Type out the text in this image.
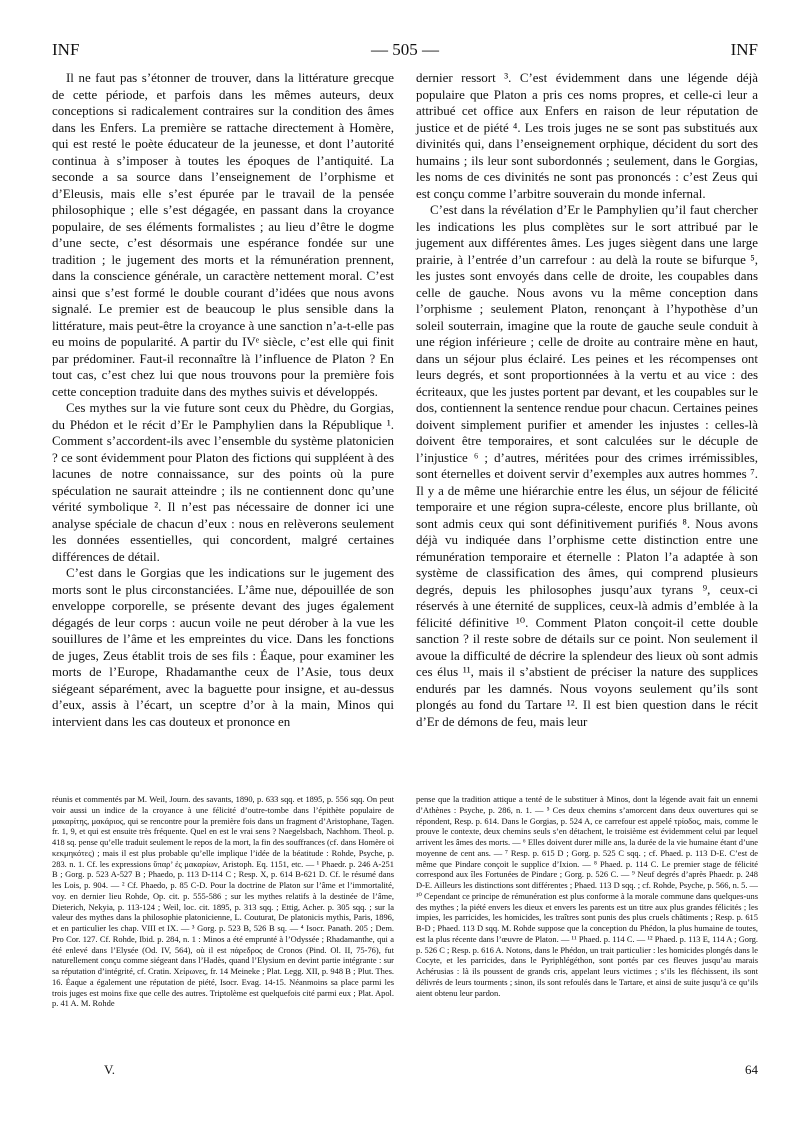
INF	— 505 —	INF

Il ne faut pas s’étonner de trouver, dans la littérature grecque de cette période, et parfois dans les mêmes auteurs, deux conceptions si radicalement contraires sur la condition des âmes dans les Enfers. La première se rattache directement à Homère, qui est resté le poète éducateur de la jeunesse, et dont l’autorité continua à s’imposer à toutes les époques de l’antiquité. La seconde a sa source dans l’enseignement de l’orphisme et d’Eleusis, mais elle s’est épurée par le travail de la pensée philosophique ; elle s’est dégagée, en passant dans la croyance populaire, de ses éléments formalistes ; au lieu d’être le dogme d’une secte, c’est désormais une espérance fondée sur une tradition ; le jugement des morts et la rémunération prennent, dans la conscience générale, un caractère nettement moral. C’est ainsi que s’est formé le double courant d’idées que nous avons signalé. Le premier est de beaucoup le plus sensible dans la littérature, mais peut-être la croyance à une sanction n’a-t-elle pas eu moins de popularité. A partir du IVᵉ siècle, c’est elle qui finit par prédominer. Faut-il reconnaître là l’influence de Platon ? En tout cas, c’est chez lui que nous trouvons pour la première fois cette conception traduite dans des mythes suivis et développés.

Ces mythes sur la vie future sont ceux du Phèdre, du Gorgias, du Phédon et le récit d’Er le Pamphylien dans la République ¹. Comment s’accordent-ils avec l’ensemble du système platonicien ? ce sont évidemment pour Platon des fictions qui suppléent à des lacunes de notre connaissance, sur des points où la pure spéculation ne saurait atteindre ; ils ne contiennent donc qu’une vérité symbolique ². Il n’est pas nécessaire de donner ici une analyse spéciale de chacun d’eux : nous en relèverons seulement les données essentielles, qui concordent, malgré certaines différences de détail.

C’est dans le Gorgias que les indications sur le jugement des morts sont le plus circonstanciées. L’âme nue, dépouillée de son enveloppe corporelle, se présente devant des juges également dégagés de leur corps : aucun voile ne peut dérober à la vue les souillures de l’âme et les empreintes du vice. Dans les fonctions de juges, Zeus établit trois de ses fils : Éaque, pour examiner les morts de l’Europe, Rhadamanthe ceux de l’Asie, tous deux siégeant séparément, avec la baguette pour insigne, et au-dessus d’eux, assis à l’écart, un sceptre d’or à la main, Minos qui intervient dans les cas douteux et prononce en

dernier ressort ³. C’est évidemment dans une légende déjà populaire que Platon a pris ces noms propres, et celle-ci leur a attribué cet office aux Enfers en raison de leur réputation de justice et de piété ⁴. Les trois juges ne se sont pas substitués aux divinités qui, dans l’enseignement orphique, décident du sort des humains ; ils leur sont subordonnés ; seulement, dans le Gorgias, les noms de ces divinités ne sont pas prononcés : c’est Zeus qui est conçu comme l’arbitre souverain du monde infernal.

C’est dans la révélation d’Er le Pamphylien qu’il faut chercher les indications les plus complètes sur le sort attribué par le jugement aux différentes âmes. Les juges siègent dans une large prairie, à l’entrée d’un carrefour : au delà la route se bifurque ⁵, les justes sont envoyés dans celle de droite, les coupables dans celle de gauche. Nous avons vu la même conception dans l’orphisme ; seulement Platon, renonçant à l’hypothèse d’un soleil souterrain, imagine que la route de gauche seule conduit à une région inférieure ; celle de droite au contraire mène en haut, dans un séjour plus éclairé. Les peines et les récompenses ont leurs degrés, et sont proportionnées à la vertu et au vice : des écriteaux, que les justes portent par devant, et les coupables sur le dos, contiennent la sentence rendue pour chacun. Certaines peines doivent simplement purifier et amender les injustes : celles-là doivent être temporaires, et sont calculées sur le décuple de l’injustice ⁶ ; d’autres, méritées pour des crimes irrémissibles, sont éternelles et doivent servir d’exemples aux autres hommes ⁷. Il y a de même une hiérarchie entre les élus, un séjour de félicité temporaire et une région supra-céleste, encore plus brillante, où sont admis ceux qui sont définitivement purifiés ⁸. Nous avons déjà vu indiquée dans l’orphisme cette distinction entre une rémunération temporaire et éternelle : Platon l’a adaptée à son système de classification des âmes, qui comprend plusieurs degrés, depuis les philosophes jusqu’aux tyrans ⁹, ceux-ci réservés à une éternité de supplices, ceux-là admis d’emblée à la félicité définitive ¹⁰. Comment Platon conçoit-il cette double sanction ? il reste sobre de détails sur ce point. Non seulement il avoue la difficulté de décrire la splendeur des lieux où sont admis ces élus ¹¹, mais il s’abstient de préciser la nature des supplices endurés par les damnés. Nous voyons seulement qu’ils sont plongés au fond du Tartare ¹². Il est bien question dans le récit d’Er de démons de feu, mais leur

réunis et commentés par M. Weil, Journ. des savants, 1890, p. 633 sqq. et 1895, p. 556 sqq. On peut voir aussi un indice de la croyance à une félicité d’outre-tombe dans l’épithète populaire de μακαρίτης, μακάριος, qui se rencontre pour la première fois dans un fragment d’Aristophane, Tagen. fr. 1, 9, et qui est ensuite très fréquente. Quel en est le vrai sens ? Naegelsbach, Nachhom. Theol. p. 418 sq. pense qu’elle traduit seulement le repos de la mort, la fin des souffrances (cf. dans Homère οἱ κεκμηκότες) ; mais il est plus probable qu’elle implique l’idée de la béatitude : Rohde, Psyche, p. 283. n. 1. Cf. les expressions ὕπαρ’ ἐς μακαρίων, Aristoph. Eq. 1151, etc. — ¹ Phaedr. p. 246 A-251 B ; Gorg. p. 523 A-527 B ; Phaedo, p. 113 D-114 C ; Resp. X, p. 614 B-621 D. Cf. le résumé dans les Lois, p. 904. — ² Cf. Phaedo, p. 85 C-D. Pour la doctrine de Platon sur l’âme et l’immortalité, voy. en dernier lieu Rohde, Op. cit. p. 555-586 ; sur les mythes relatifs à la destinée de l’âme, Dieterich, Nekyia, p. 113-124 ; Weil, loc. cit. 1895, p. 313 sqq. ; Ettig, Acher. p. 305 sqq. ; sur la valeur des mythes dans la philosophie platonicienne, L. Couturat, De platonicis mythis, Paris, 1896, et en particulier les chap. VIII et IX. — ³ Gorg. p. 523 B, 526 B sq. — ⁴ Isocr. Panath. 205 ; Dem. Pro Cor. 127. Cf. Rohde, Ibid. p. 284, n. 1 : Minos a été emprunté à l’Odyssée ; Rhadamanthe, qui a été enlevé dans l’Elysée (Od. IV, 564), où il est πάρεδρος de Cronos (Pind. Ol. II, 75-76), fut naturellement conçu comme siégeant dans l’Hadès, quand l’Elysium en devint partie intégrante : sur sa réputation d’intégrité, cf. Cratin. Χείρωνες, fr. 14 Meineke ; Plat. Legg. XII, p. 948 B ; Plut. Thes. 16. Éaque a également une réputation de piété, Isocr. Evag. 14-15. Néanmoins sa place parmi les trois juges est moins fixe que celle des autres. Triptolème est quelquefois cité parmi eux ; Plat. Apol. p. 41 A. M. Rohde

pense que la tradition attique a tenté de le substituer à Minos, dont la légende avait fait un ennemi d’Athènes : Psyche, p. 286, n. 1. — ⁵ Ces deux chemins s’amorcent dans deux ouvertures qui se répondent, Resp. p. 614. Dans le Gorgias, p. 524 A, ce carrefour est appelé τρίοδος, mais, comme le prouve le contexte, deux chemins seuls s’en détachent, le troisième est évidemment celui par lequel arrivent les âmes des morts. — ⁶ Elles doivent durer mille ans, la durée de la vie humaine étant d’une moyenne de cent ans. — ⁷ Resp. p. 615 D ; Gorg. p. 525 C sqq. ; cf. Phaed. p. 113 D-E. C’est de même que Pindare conçoit le supplice d’Ixion. — ⁸ Phaed. p. 114 C. Le premier stage de félicité correspond aux îles Fortunées de Pindare ; Gorg. p. 526 C. — ⁹ Neuf degrés d’après Phaedr. p. 248 D-E. Ailleurs les distinctions sont différentes ; Phaed. 113 D sqq. ; cf. Rohde, Psyche, p. 566, n. 5. — ¹⁰ Cependant ce principe de rémunération est plus conforme à la morale commune dans quelques-uns des mythes ; la piété envers les dieux et envers les parents est un titre aux plus grandes félicités ; les impies, les parricides, les homicides, les traîtres sont punis des plus cruels châtiments ; Resp. p. 615 B-D ; Phaed. 113 D sqq. M. Rohde suppose que la conception du Phédon, la plus humaine de toutes, est la plus récente dans l’œuvre de Platon. — ¹¹ Phaed. p. 114 C. — ¹² Phaed. p. 113 E, 114 A ; Gorg. p. 526 C ; Resp. p. 616 A. Notons, dans le Phédon, un trait particulier : les homicides plongés dans le Cocyte, et les parricides, dans le Pyriphlégéthon, sont portés par ces fleuves jusqu’au marais Achérusias : là ils poussent de grands cris, appelant leurs victimes ; s’ils les fléchissent, ils sont délivrés de leurs tourments ; sinon, ils sont refoulés dans le Tartare, et ainsi de suite jusqu’à ce qu’ils aient obtenu leur pardon.

V.	64
